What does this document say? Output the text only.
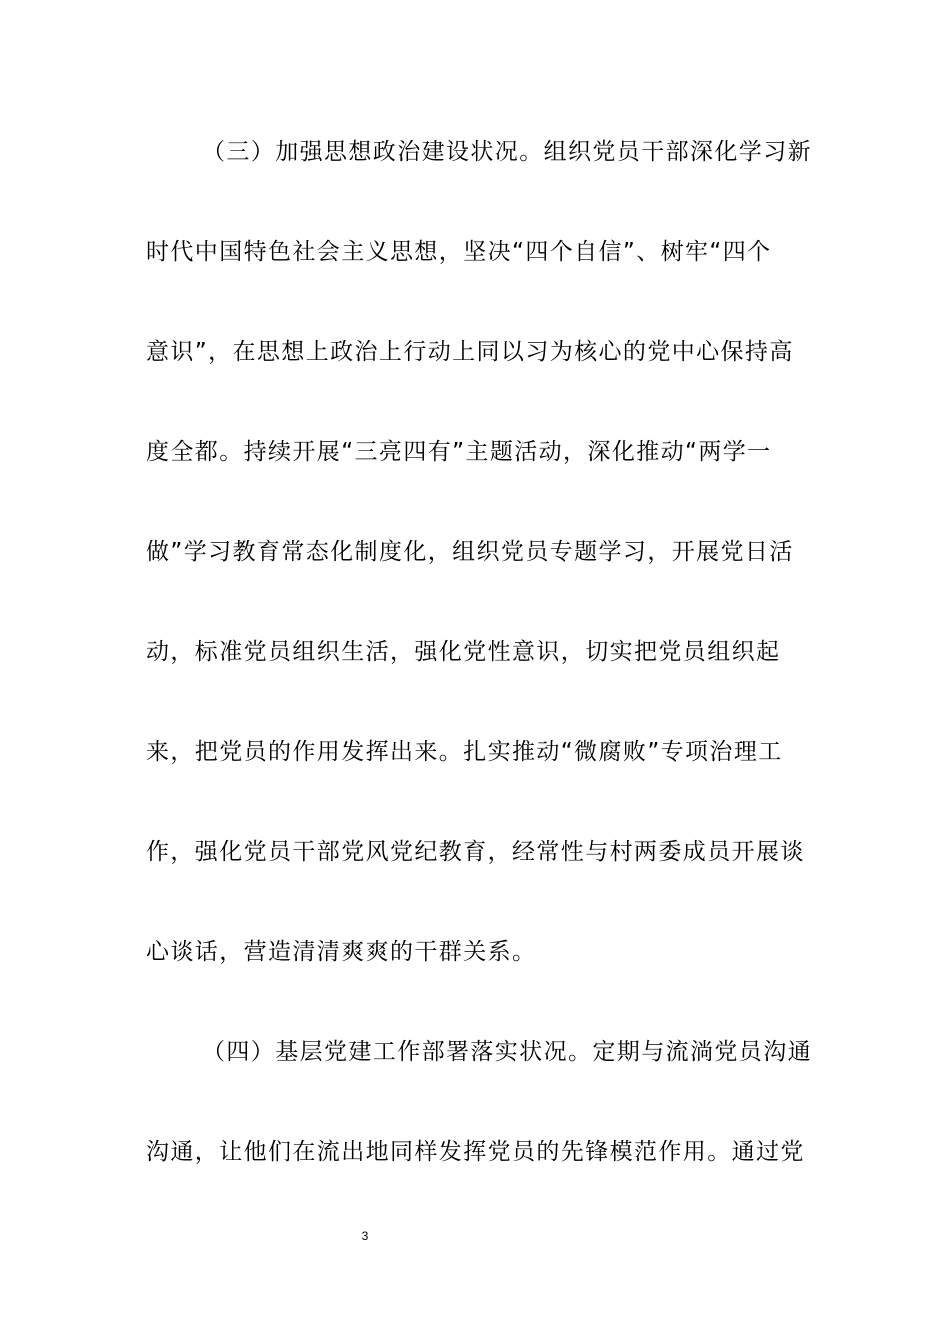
（三）加强思想政治建设状况。组织党员干部深化学习新
时代中国特色社会主义思想，坚决“四个自信”、树牢“四个
意识”，在思想上政治上行动上同以习为核心的党中心保持高
度全都。持续开展“三亮四有”主题活动，深化推动“两学一
做”学习教育常态化制度化，组织党员专题学习，开展党日活
动，标准党员组织生活，强化党性意识，切实把党员组织起
来，把党员的作用发挥出来。扎实推动“微腐败”专项治理工
作，强化党员干部党风党纪教育，经常性与村两委成员开展谈
心谈话，营造清清爽爽的干群关系。
（四）基层党建工作部署落实状况。定期与流淌党员沟通
沟通，让他们在流出地同样发挥党员的先锋模范作用。通过党
3
